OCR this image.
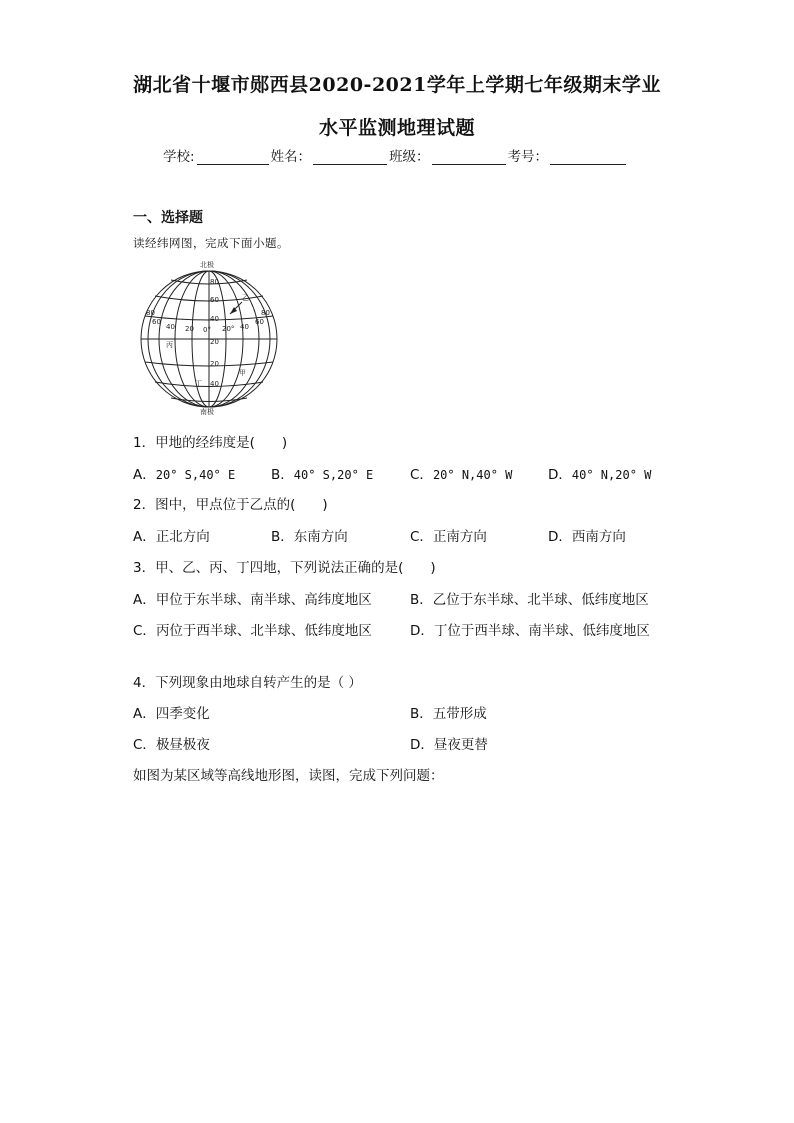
湖北省十堰市郧西县2020-2021学年上学期七年级期末学业
水平监测地理试题
学校:	姓名：	班级：	考号：
一、选择题
读经纬网图，完成下面小题。
北极
南极
80
60
40
20
20
40
80
60
40 20 0° 20° 40
60
80
乙
丙
甲
丁
1．甲地的经纬度是(　　)
A．20° S,40° E	B．40° S,20° E	C．20° N,40° W	D．40° N,20° W
2．图中，甲点位于乙点的(　　)
A．正北方向	B．东南方向	C．正南方向	D．西南方向
3．甲、乙、丙、丁四地，下列说法正确的是(　　)
A．甲位于东半球、南半球、高纬度地区	B．乙位于东半球、北半球、低纬度地区
C．丙位于西半球、北半球、低纬度地区	D．丁位于西半球、南半球、低纬度地区
4．下列现象由地球自转产生的是（ ）
A．四季变化	B．五带形成
C．极昼极夜	D．昼夜更替
如图为某区域等高线地形图，读图，完成下列问题：
